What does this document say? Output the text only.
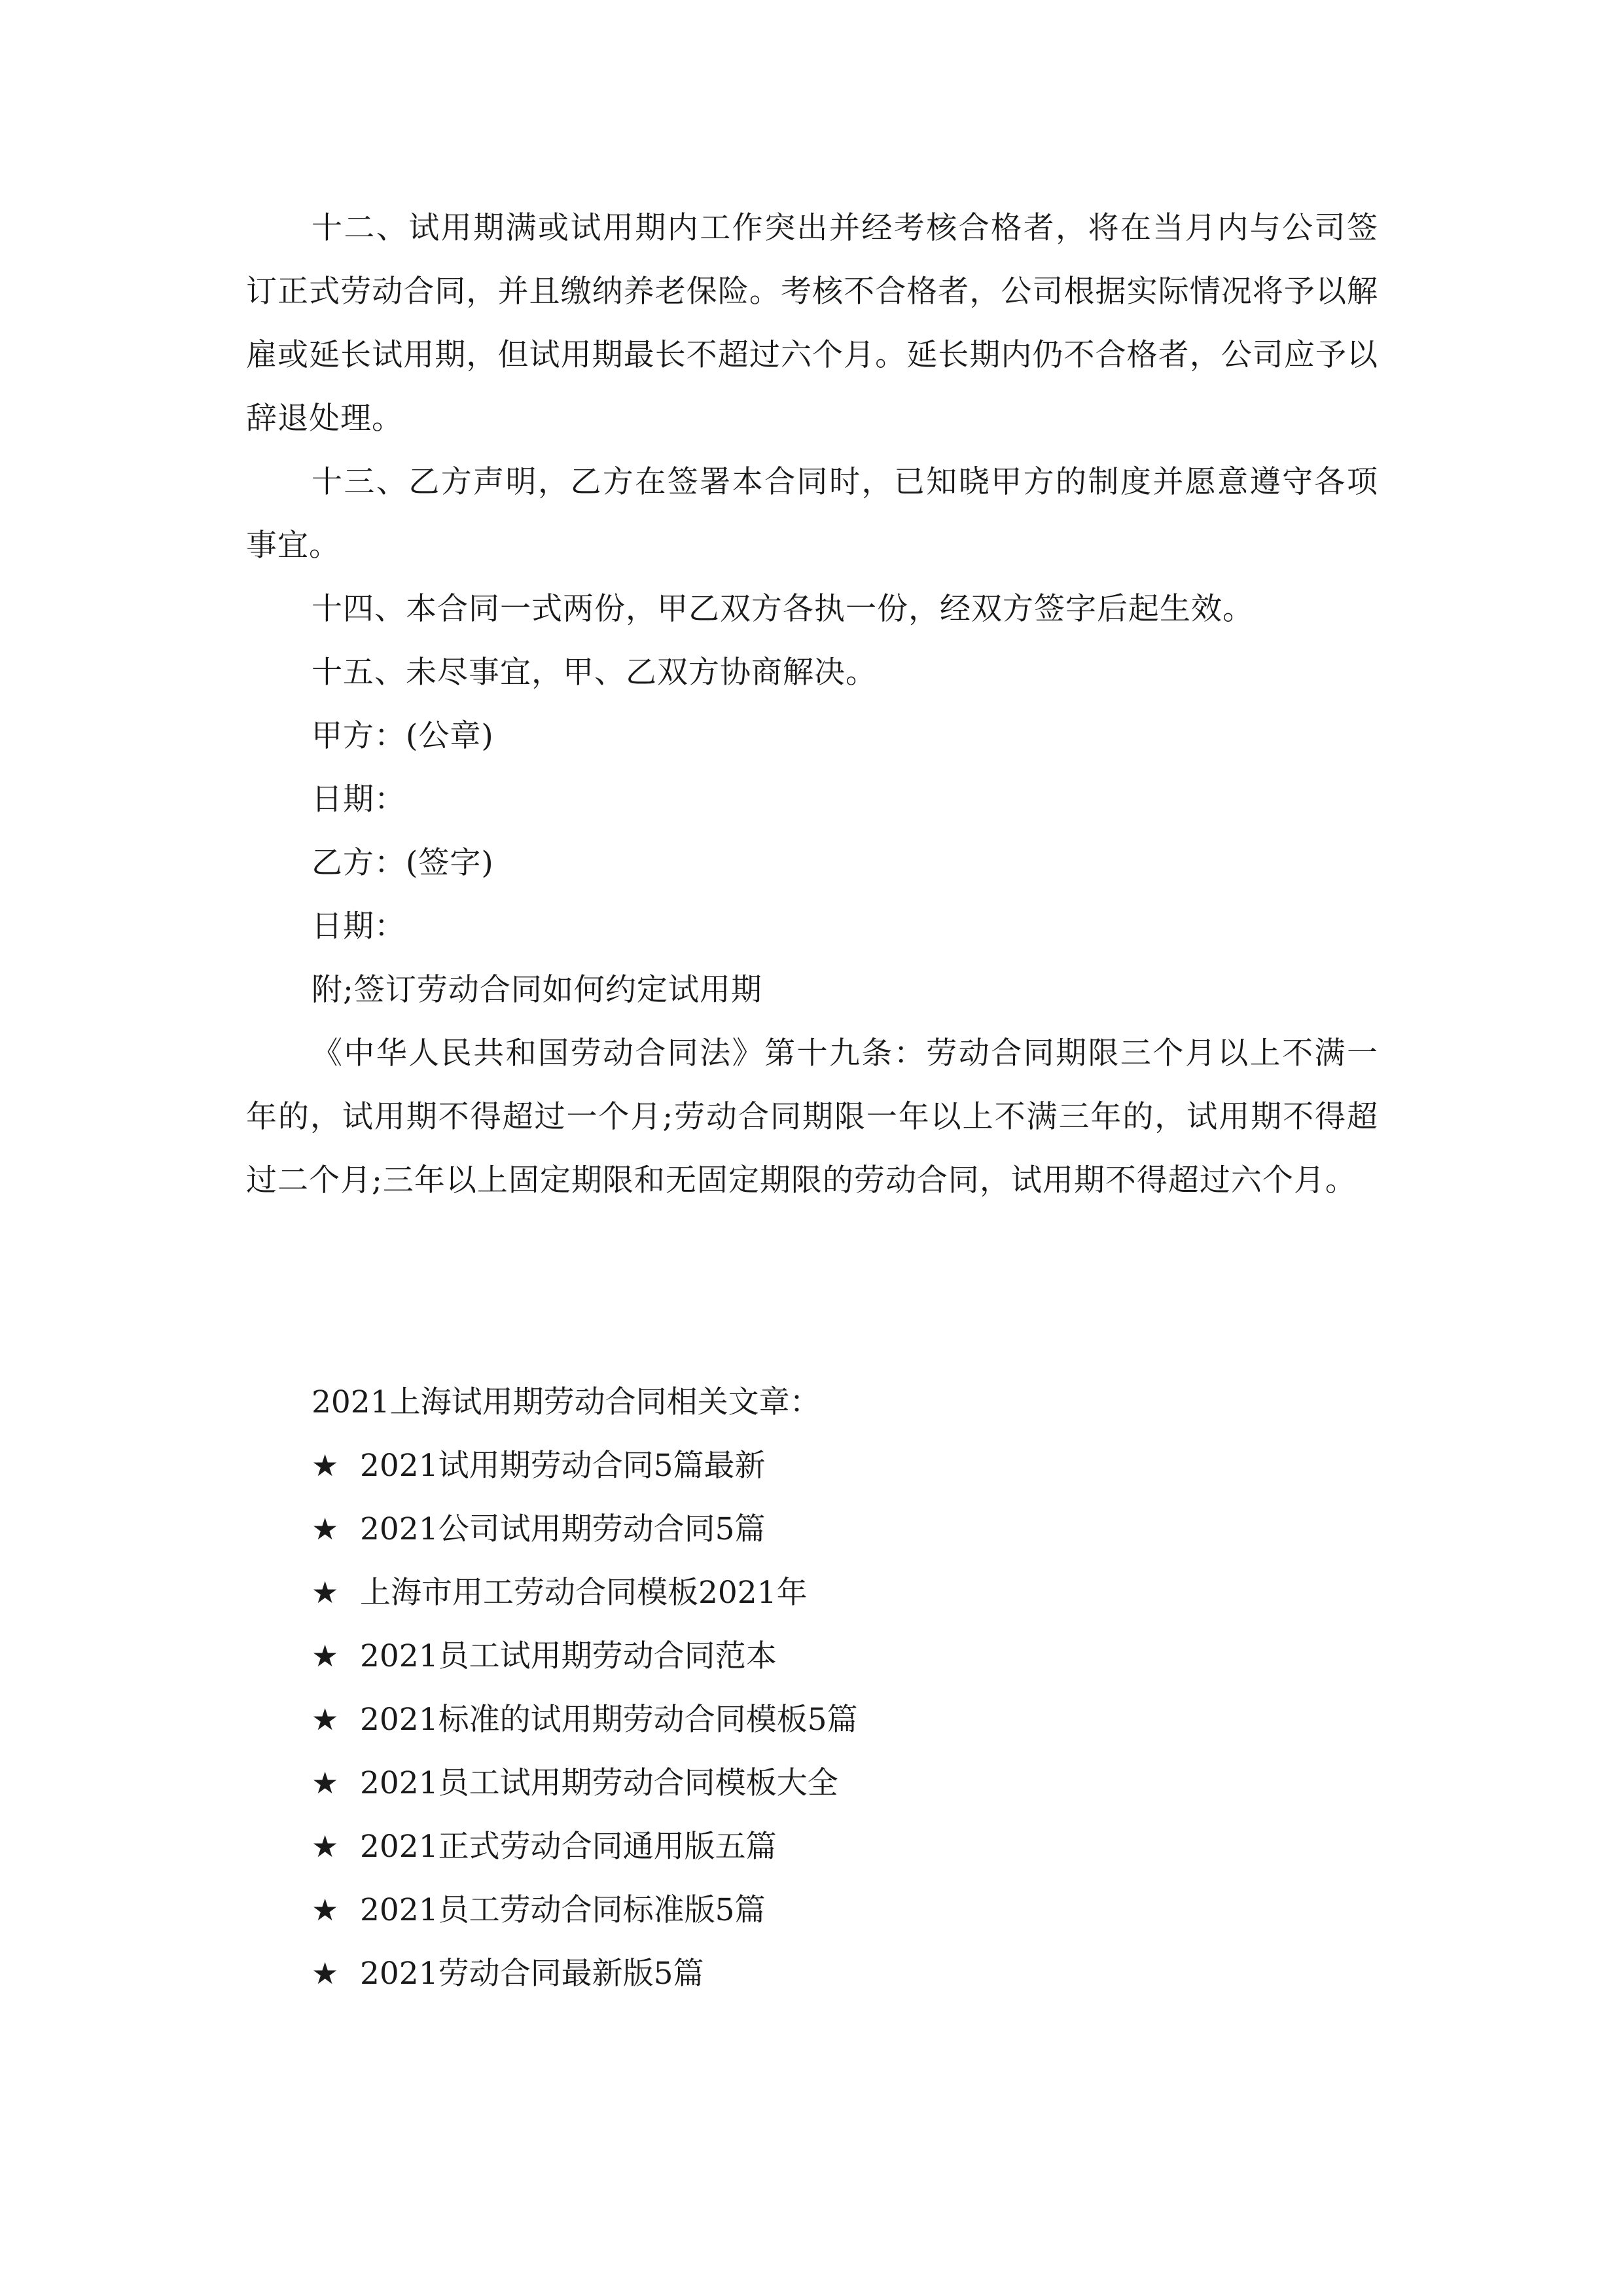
十二、试用期满或试用期内工作突出并经考核合格者，将在当月内与公司签订正式劳动合同，并且缴纳养老保险。考核不合格者，公司根据实际情况将予以解雇或延长试用期，但试用期最长不超过六个月。延长期内仍不合格者，公司应予以辞退处理。

十三、乙方声明，乙方在签署本合同时，已知晓甲方的制度并愿意遵守各项事宜。

十四、本合同一式两份，甲乙双方各执一份，经双方签字后起生效。

十五、未尽事宜，甲、乙双方协商解决。

甲方：(公章)

日期：

乙方：(签字)

日期：

附;签订劳动合同如何约定试用期

《中华人民共和国劳动合同法》第十九条：劳动合同期限三个月以上不满一年的，试用期不得超过一个月;劳动合同期限一年以上不满三年的，试用期不得超过二个月;三年以上固定期限和无固定期限的劳动合同，试用期不得超过六个月。

2021上海试用期劳动合同相关文章：

★ 2021试用期劳动合同5篇最新
★ 2021公司试用期劳动合同5篇
★ 上海市用工劳动合同模板2021年
★ 2021员工试用期劳动合同范本
★ 2021标准的试用期劳动合同模板5篇
★ 2021员工试用期劳动合同模板大全
★ 2021正式劳动合同通用版五篇
★ 2021员工劳动合同标准版5篇
★ 2021劳动合同最新版5篇
